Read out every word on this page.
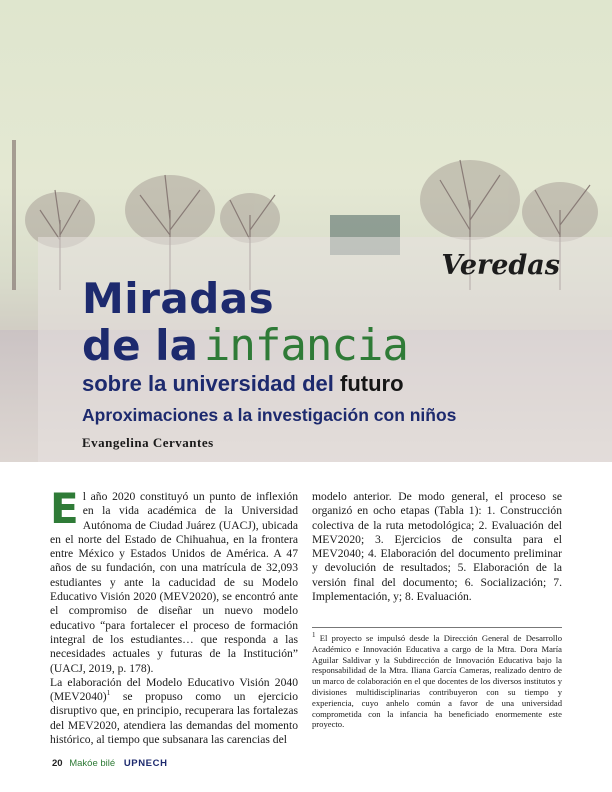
Veredas
Miradas
de la infancia
sobre la universidad del futuro
Aproximaciones a la investigación con niños
Evangelina Cervantes
E l año 2020 constituyó un punto de inflexión en la vida académica de la Universidad Autónoma de Ciudad Juárez (UACJ), ubicada en el norte del Estado de Chihuahua, en la frontera entre México y Estados Unidos de América. A 47 años de su fundación, con una matrícula de 32,093 estudiantes y ante la caducidad de su Modelo Educativo Visión 2020 (MEV2020), se encontró ante el compromiso de diseñar un nuevo modelo educativo “para fortalecer el proceso de formación integral de los estudiantes… que responda a las necesidades actuales y futuras de la Institución” (UACJ, 2019, p. 178).

La elaboración del Modelo Educativo Visión 2040 $(MEV2040)^1$ se propuso como un ejercicio disruptivo que, en principio, recuperara las fortalezas del MEV2020, atendiera las demandas del momento histórico, al tiempo que subsanara las carencias del

$^1$ El proyecto se impulsó desde la Dirección General de Desarrollo Académico e Innovación Educativa a cargo de la Mtra. Dora María Aguilar Saldivar y la Subdirección de Innovación Educativa bajo la responsabilidad de la Mtra. Iliana García Cameras, realizado dentro de un marco de colaboración en el que docentes de los diversos institutos y divisiones multidisciplinarias contribuyeron con su tiempo y experiencia, cuyo anhelo común a favor de una universidad comprometida con la infancia ha beneficiado enormemente este proyecto.
20 Makóe bilé UPNECH

modelo anterior. De modo general, el proceso se organizó en ocho etapas (Tabla 1): 1. Construcción colectiva de la ruta metodológica; 2. Evaluación del MEV2020; 3. Ejercicios de consulta para el MEV2040; 4. Elaboración del documento preliminar y devolución de resultados; 5. Elaboración de la versión final del documento; 6. Socialización; 7. Implementación, y; 8. Evaluación.
